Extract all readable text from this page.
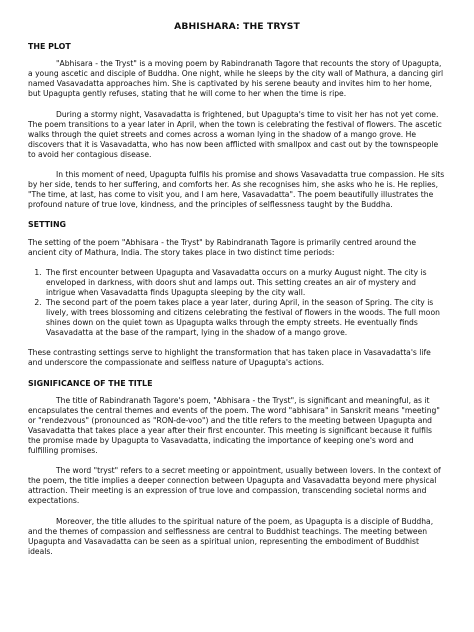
ABHISHARA: THE TRYST
THE PLOT

"Abhisara - the Tryst" is a moving poem by Rabindranath Tagore that recounts the story of Upagupta, a young ascetic and disciple of Buddha. One night, while he sleeps by the city wall of Mathura, a dancing girl named Vasavadatta approaches him. She is captivated by his serene beauty and invites him to her home, but Upagupta gently refuses, stating that he will come to her when the time is ripe.

During a stormy night, Vasavadatta is frightened, but Upagupta's time to visit her has not yet come. The poem transitions to a year later in April, when the town is celebrating the festival of flowers. The ascetic walks through the quiet streets and comes across a woman lying in the shadow of a mango grove. He discovers that it is Vasavadatta, who has now been afflicted with smallpox and cast out by the townspeople to avoid her contagious disease.

In this moment of need, Upagupta fulfils his promise and shows Vasavadatta true compassion. He sits by her side, tends to her suffering, and comforts her. As she recognises him, she asks who he is. He replies, "The time, at last, has come to visit you, and I am here, Vasavadatta". The poem beautifully illustrates the profound nature of true love, kindness, and the principles of selflessness taught by the Buddha.

SETTING

The setting of the poem "Abhisara - the Tryst" by Rabindranath Tagore is primarily centred around the ancient city of Mathura, India. The story takes place in two distinct time periods:

1. The first encounter between Upagupta and Vasavadatta occurs on a murky August night. The city is enveloped in darkness, with doors shut and lamps out. This setting creates an air of mystery and intrigue when Vasavadatta finds Upagupta sleeping by the city wall.
2. The second part of the poem takes place a year later, during April, in the season of Spring. The city is lively, with trees blossoming and citizens celebrating the festival of flowers in the woods. The full moon shines down on the quiet town as Upagupta walks through the empty streets. He eventually finds Vasavadatta at the base of the rampart, lying in the shadow of a mango grove.

These contrasting settings serve to highlight the transformation that has taken place in Vasavadatta's life and underscore the compassionate and selfless nature of Upagupta's actions.

SIGNIFICANCE OF THE TITLE

The title of Rabindranath Tagore's poem, "Abhisara - the Tryst", is significant and meaningful, as it encapsulates the central themes and events of the poem. The word "abhisara" in Sanskrit means "meeting" or "rendezvous" (pronounced as "RON-de-voo") and the title refers to the meeting between Upagupta and Vasavadatta that takes place a year after their first encounter. This meeting is significant because it fulfils the promise made by Upagupta to Vasavadatta, indicating the importance of keeping one's word and fulfilling promises.

The word "tryst" refers to a secret meeting or appointment, usually between lovers. In the context of the poem, the title implies a deeper connection between Upagupta and Vasavadatta beyond mere physical attraction. Their meeting is an expression of true love and compassion, transcending societal norms and expectations.

Moreover, the title alludes to the spiritual nature of the poem, as Upagupta is a disciple of Buddha, and the themes of compassion and selflessness are central to Buddhist teachings. The meeting between Upagupta and Vasavadatta can be seen as a spiritual union, representing the embodiment of Buddhist ideals.
